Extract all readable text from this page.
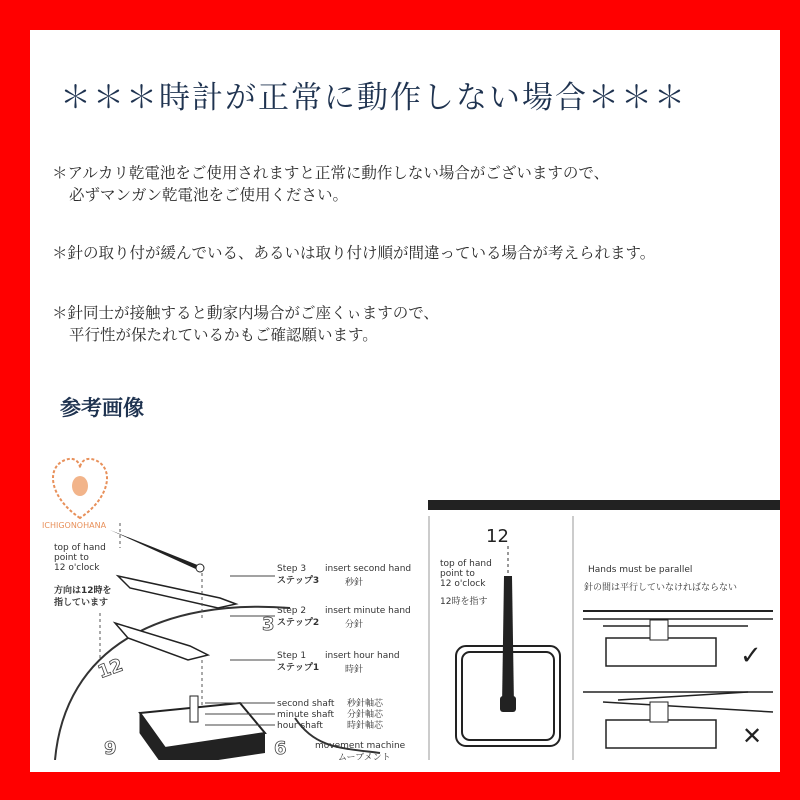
＊＊＊時計が正常に動作しない場合＊＊＊
＊アルカリ乾電池をご使用されますと正常に動作しない場合がございますので、
必ずマンガン乾電池をご使用ください。
＊針の取り付が緩んでいる、あるいは取り付け順が間違っている場合が考えられます。
＊針同士が接触すると動家内場合がご座くぃますので、
平行性が保たれているかもご確認願います。
参考画像
ICHIGONOHANA
12
3
6
9
top of hand
point to
12 o'clock
方向は12時を
指しています
Step 3
ステップ3
insert second hand
秒針
Step 2
ステップ2
insert minute hand
分針
Step 1
ステップ1
insert hour hand
時針
second shaft 秒針軸芯
minute shaft 分針軸芯
hour shaft	時針軸芯
movement machine
ムーブメント
12
top of hand
point to
12 o'clock
12時を指す
Hands must be parallel
針の間は平行していなければならない
✓
✕
